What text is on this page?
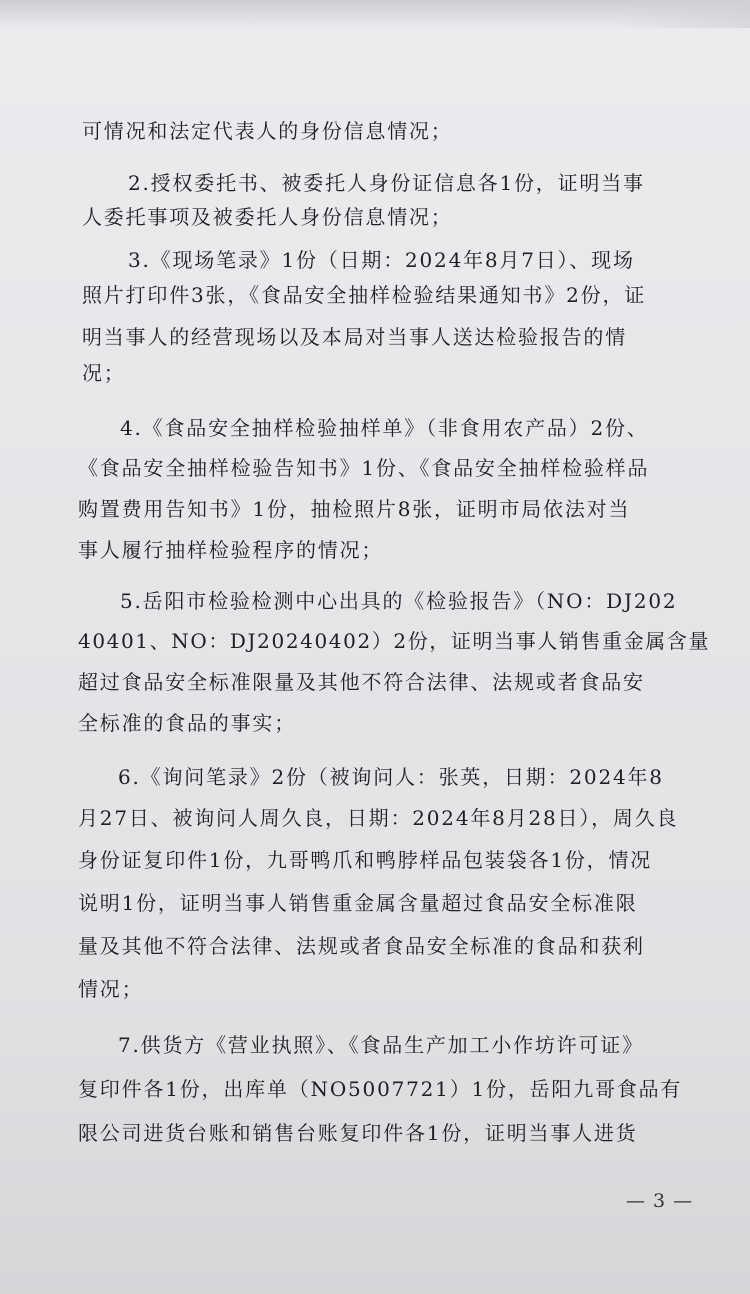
可情况和法定代表人的身份信息情况；
2.授权委托书、被委托人身份证信息各1份，证明当事
人委托事项及被委托人身份信息情况；
3.《现场笔录》1份（日期：2024年8月7日）、现场
照片打印件3张，《食品安全抽样检验结果通知书》2份，证
明当事人的经营现场以及本局对当事人送达检验报告的情
况；
4.《食品安全抽样检验抽样单》（非食用农产品）2份、
《食品安全抽样检验告知书》1份、《食品安全抽样检验样品
购置费用告知书》1份，抽检照片8张，证明市局依法对当
事人履行抽样检验程序的情况；
5.岳阳市检验检测中心出具的《检验报告》（NO：DJ202
40401、NO：DJ20240402）2份，证明当事人销售重金属含量
超过食品安全标准限量及其他不符合法律、法规或者食品安
全标准的食品的事实；
6.《询问笔录》2份（被询问人：张英，日期：2024年8
月27日、被询问人周久良，日期：2024年8月28日），周久良
身份证复印件1份，九哥鸭爪和鸭脖样品包装袋各1份，情况
说明1份，证明当事人销售重金属含量超过食品安全标准限
量及其他不符合法律、法规或者食品安全标准的食品和获利
情况；
7.供货方《营业执照》、《食品生产加工小作坊许可证》
复印件各1份，出库单（NO5007721）1份，岳阳九哥食品有
限公司进货台账和销售台账复印件各1份，证明当事人进货
— 3 —
